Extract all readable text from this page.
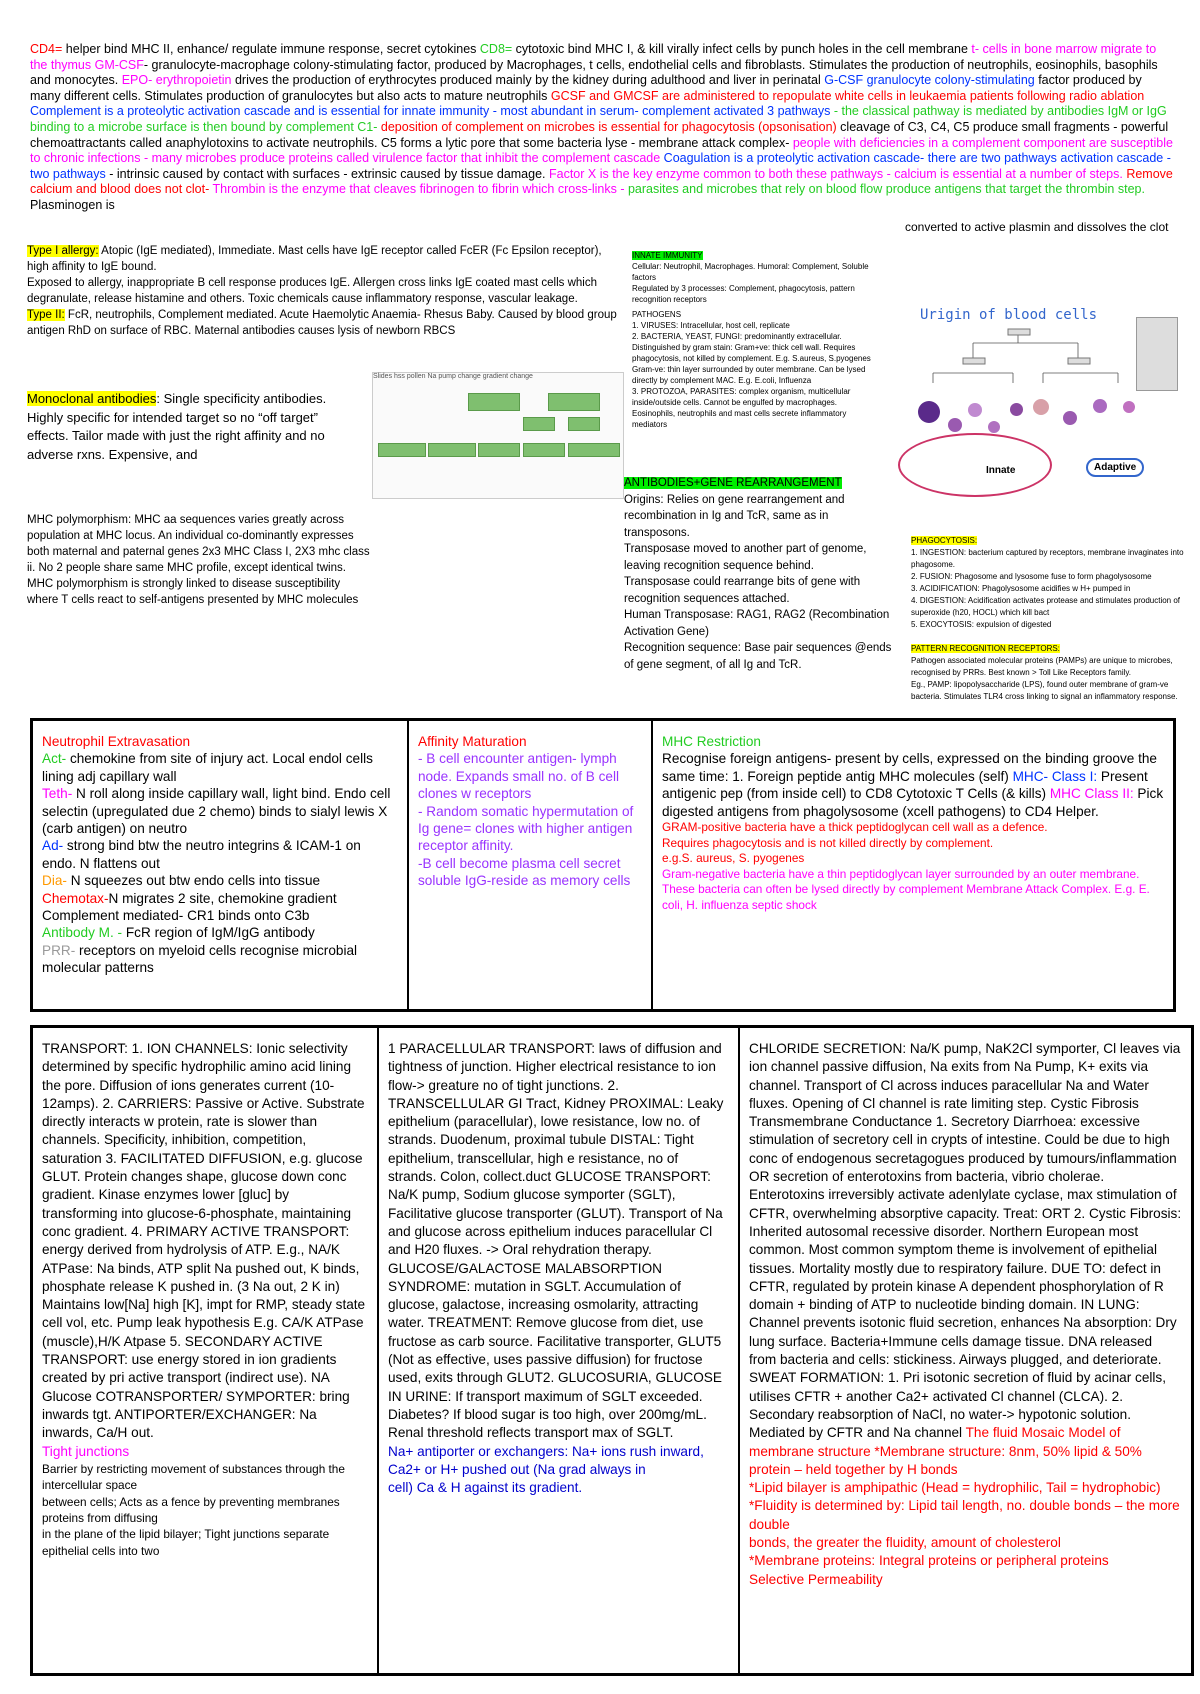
CD4= helper bind MHC II, enhance/ regulate immune response, secret cytokines CD8= cytotoxic bind MHC I, & kill virally infect cells by punch holes in the cell membrane t- cells in bone marrow migrate to the thymus GM-CSF- granulocyte-macrophage colony-stimulating factor, produced by Macrophages, t cells, endothelial cells and fibroblasts. Stimulates the production of neutrophils, eosinophils, basophils and monocytes. EPO- erythropoietin drives the production of erythrocytes produced mainly by the kidney during adulthood and liver in perinatal G-CSF granulocyte colony-stimulating factor produced by many different cells. Stimulates production of granulocytes but also acts to mature neutrophils GCSF and GMCSF are administered to repopulate white cells in leukaemia patients following radio ablation
Complement is a proteolytic activation cascade and is essential for innate immunity - most abundant in serum- complement activated 3 pathways - the classical pathway is mediated by antibodies IgM or IgG binding to a microbe surface is then bound by complement C1- deposition of complement on microbes is essential for phagocytosis (opsonisation) cleavage of C3, C4, C5 produce small fragments - powerful chemoattractants called anaphylotoxins to activate neutrophils. C5 forms a lytic pore that some bacteria lyse - membrane attack complex- people with deficiencies in a complement component are susceptible to chronic infections - many microbes produce proteins called virulence factor that inhibit the complement cascade Coagulation is a proteolytic activation cascade- there are two pathways activation cascade - two pathways - intrinsic caused by contact with surfaces - extrinsic caused by tissue damage. Factor X is the key enzyme common to both these pathways - calcium is essential at a number of steps. Remove calcium and blood does not clot- Thrombin is the enzyme that cleaves fibrinogen to fibrin which cross-links - parasites and microbes that rely on blood flow produce antigens that target the thrombin step. Plasminogen is
converted to active plasmin and dissolves the clot
Type I allergy: Atopic (IgE mediated), Immediate. Mast cells have IgE receptor called FcER (Fc Epsilon receptor), high affinity to IgE bound.
Exposed to allergy, inappropriate B cell response produces IgE. Allergen cross links IgE coated mast cells which degranulate, release histamine and others. Toxic chemicals cause inflammatory response, vascular leakage.
Type II: FcR, neutrophils, Complement mediated. Acute Haemolytic Anaemia- Rhesus Baby. Caused by blood group antigen RhD on surface of RBC. Maternal antibodies causes lysis of newborn RBCS
Monoclonal antibodies: Single specificity antibodies. Highly specific for intended target so no “off target” effects. Tailor made with just the right affinity and no adverse rxns. Expensive, and
Slides hss pollen Na pump change gradient change
MHC polymorphism: MHC aa sequences varies greatly across population at MHC locus. An individual co-dominantly expresses both maternal and paternal genes 2x3 MHC Class I, 2X3 mhc class ii. No 2 people share same MHC profile, except identical twins.
MHC polymorphism is strongly linked to disease susceptibility where T cells react to self-antigens presented by MHC molecules
INNATE IMMUNITY
Cellular: Neutrophil, Macrophages. Humoral: Complement, Soluble factors
Regulated by 3 processes: Complement, phagocytosis, pattern recognition receptors
PATHOGENS
1. VIRUSES: Intracellular, host cell, replicate
2. BACTERIA, YEAST, FUNGI: predominantly extracellular. Distinguished by gram stain: Gram+ve: thick cell wall. Requires phagocytosis, not killed by complement. E.g. S.aureus, S.pyogenes
Gram-ve: thin layer surrounded by outer membrane. Can be lysed directly by complement MAC. E.g. E.coli, Influenza
3. PROTOZOA, PARASITES: complex organism, multicellular inside/outside cells. Cannot be engulfed by macrophages. Eosinophils, neutrophils and mast cells secrete inflammatory mediators
ANTIBODIES+GENE REARRANGEMENT
Origins: Relies on gene rearrangement and recombination in Ig and TcR, same as in transposons.
Transposase moved to another part of genome, leaving recognition sequence behind.
Transposase could rearrange bits of gene with recognition sequences attached.
Human Transposase: RAG1, RAG2 (Recombination Activation Gene)
Recognition sequence: Base pair sequences @ends of gene segment, of all Ig and TcR.
Urigin of blood cells
Innate	Adaptive
PHAGOCYTOSIS:
1. INGESTION: bacterium captured by receptors, membrane invaginates into phagosome.
2. FUSION: Phagosome and lysosome fuse to form phagolysosome
3. ACIDIFICATION: Phagolysosome acidifies w H+ pumped in
4. DIGESTION: Acidification activates protease and stimulates production of superoxide (h20, HOCL) which kill bact
5. EXOCYTOSIS: expulsion of digested
PATTERN RECOGNITION RECEPTORS:
Pathogen associated molecular proteins (PAMPs) are unique to microbes, recognised by PRRs. Best known > Toll Like Receptors family.
Eg., PAMP: lipopolysaccharide (LPS), found outer membrane of gram-ve bacteria. Stimulates TLR4 cross linking to signal an inflammatory response.
Neutrophil Extravasation
Act- chemokine from site of injury act. Local endol cells lining adj capillary wall
Teth- N roll along inside capillary wall, light bind. Endo cell selectin (upregulated due 2 chemo) binds to sialyl lewis X (carb antigen) on neutro
Ad- strong bind btw the neutro integrins & ICAM-1 on endo. N flattens out
Dia- N squeezes out btw endo cells into tissue
Chemotax-N migrates 2 site, chemokine gradient
Complement mediated- CR1 binds onto C3b
Antibody M. - FcR region of IgM/IgG antibody
PRR- receptors on myeloid cells recognise microbial molecular patterns
Affinity Maturation
- B cell encounter antigen- lymph
node. Expands small no. of B cell
clones w receptors
- Random somatic hypermutation of
Ig gene= clones with higher antigen
receptor affinity.
-B cell become plasma cell secret
soluble IgG-reside as memory cells
MHC Restriction
Recognise foreign antigens- present by cells, expressed on the binding groove the same time: 1. Foreign peptide antig MHC molecules (self) MHC- Class I: Present antigenic pep (from inside cell) to CD8 Cytotoxic T Cells (& kills) MHC Class II: Pick digested antigens from phagolysosome (xcell pathogens) to CD4 Helper.
GRAM-positive bacteria have a thick peptidoglycan cell wall as a defence.
Requires phagocytosis and is not killed directly by complement.
e.g.S. aureus, S. pyogenes
Gram-negative bacteria have a thin peptidoglycan layer surrounded by an outer membrane. These bacteria can often be lysed directly by complement Membrane Attack Complex. E.g. E. coli, H. influenza septic shock
TRANSPORT: 1. ION CHANNELS: Ionic selectivity determined by specific hydrophilic amino acid lining the pore. Diffusion of ions generates current (10-12amps). 2. CARRIERS: Passive or Active. Substrate directly interacts w protein, rate is slower than channels. Specificity, inhibition, competition, saturation 3. FACILITATED DIFFUSION, e.g. glucose GLUT. Protein changes shape, glucose down conc gradient. Kinase enzymes lower [gluc] by transforming into glucose-6-phosphate, maintaining conc gradient. 4. PRIMARY ACTIVE TRANSPORT: energy derived from hydrolysis of ATP. E.g., NA/K ATPase: Na binds, ATP split Na pushed out, K binds, phosphate release K pushed in. (3 Na out, 2 K in) Maintains low[Na] high [K], impt for RMP, steady state cell vol, etc. Pump leak hypothesis E.g. CA/K ATPase (muscle),H/K Atpase 5. SECONDARY ACTIVE TRANSPORT: use energy stored in ion gradients created by pri active transport (indirect use). NA Glucose COTRANSPORTER/ SYMPORTER: bring inwards tgt. ANTIPORTER/EXCHANGER: Na inwards, Ca/H out.
Tight junctions
Barrier by restricting movement of substances through the intercellular space
between cells; Acts as a fence by preventing membranes proteins from diffusing
in the plane of the lipid bilayer; Tight junctions separate epithelial cells into two
1 PARACELLULAR TRANSPORT: laws of diffusion and tightness of junction. Higher electrical resistance to ion flow-> greature no of tight junctions. 2. TRANSCELLULAR GI Tract, Kidney PROXIMAL: Leaky epithelium (paracellular), lowe resistance, low no. of strands. Duodenum, proximal tubule DISTAL: Tight epithelium, transcellular, high e resistance, no of strands. Colon, collect.duct GLUCOSE TRANSPORT: Na/K pump, Sodium glucose symporter (SGLT), Facilitative glucose transporter (GLUT). Transport of Na and glucose across epithelium induces paracellular Cl and H20 fluxes. -> Oral rehydration therapy. GLUCOSE/GALACTOSE MALABSORPTION SYNDROME: mutation in SGLT. Accumulation of glucose, galactose, increasing osmolarity, attracting water. TREATMENT: Remove glucose from diet, use fructose as carb source. Facilitative transporter, GLUT5 (Not as effective, uses passive diffusion) for fructose used, exits through GLUT2. GLUCOSURIA, GLUCOSE IN URINE: If transport maximum of SGLT exceeded. Diabetes? If blood sugar is too high, over 200mg/mL. Renal threshold reflects transport max of SGLT.
Na+ antiporter or exchangers: Na+ ions rush inward, Ca2+ or H+ pushed out (Na grad always in
cell) Ca & H against its gradient.
CHLORIDE SECRETION: Na/K pump, NaK2Cl symporter, Cl leaves via ion channel passive diffusion, Na exits from Na Pump, K+ exits via channel. Transport of Cl across induces paracellular Na and Water fluxes. Opening of Cl channel is rate limiting step. Cystic Fibrosis Transmembrane Conductance 1. Secretory Diarrhoea: excessive stimulation of secretory cell in crypts of intestine. Could be due to high conc of endogenous secretagogues produced by tumours/inflammation OR secretion of enterotoxins from bacteria, vibrio cholerae. Enterotoxins irreversibly activate adenlylate cyclase, max stimulation of CFTR, overwhelming absorptive capacity. Treat: ORT 2. Cystic Fibrosis: Inherited autosomal recessive disorder. Northern European most common. Most common symptom theme is involvement of epithelial tissues. Mortality mostly due to respiratory failure. DUE TO: defect in CFTR, regulated by protein kinase A dependent phosphorylation of R domain + binding of ATP to nucleotide binding domain. IN LUNG: Channel prevents isotonic fluid secretion, enhances Na absorption: Dry lung surface. Bacteria+Immune cells damage tissue. DNA released from bacteria and cells: stickiness. Airways plugged, and deteriorate. SWEAT FORMATION: 1. Pri isotonic secretion of fluid by acinar cells, utilises CFTR + another Ca2+ activated Cl channel (CLCA). 2. Secondary reabsorption of NaCl, no water-> hypotonic solution. Mediated by CFTR and Na channel The fluid Mosaic Model of membrane structure *Membrane structure: 8nm, 50% lipid & 50% protein – held together by H bonds
*Lipid bilayer is amphipathic (Head = hydrophilic, Tail = hydrophobic) *Fluidity is determined by: Lipid tail length, no. double bonds – the more double
bonds, the greater the fluidity, amount of cholesterol
*Membrane proteins: Integral proteins or peripheral proteins
Selective Permeability
